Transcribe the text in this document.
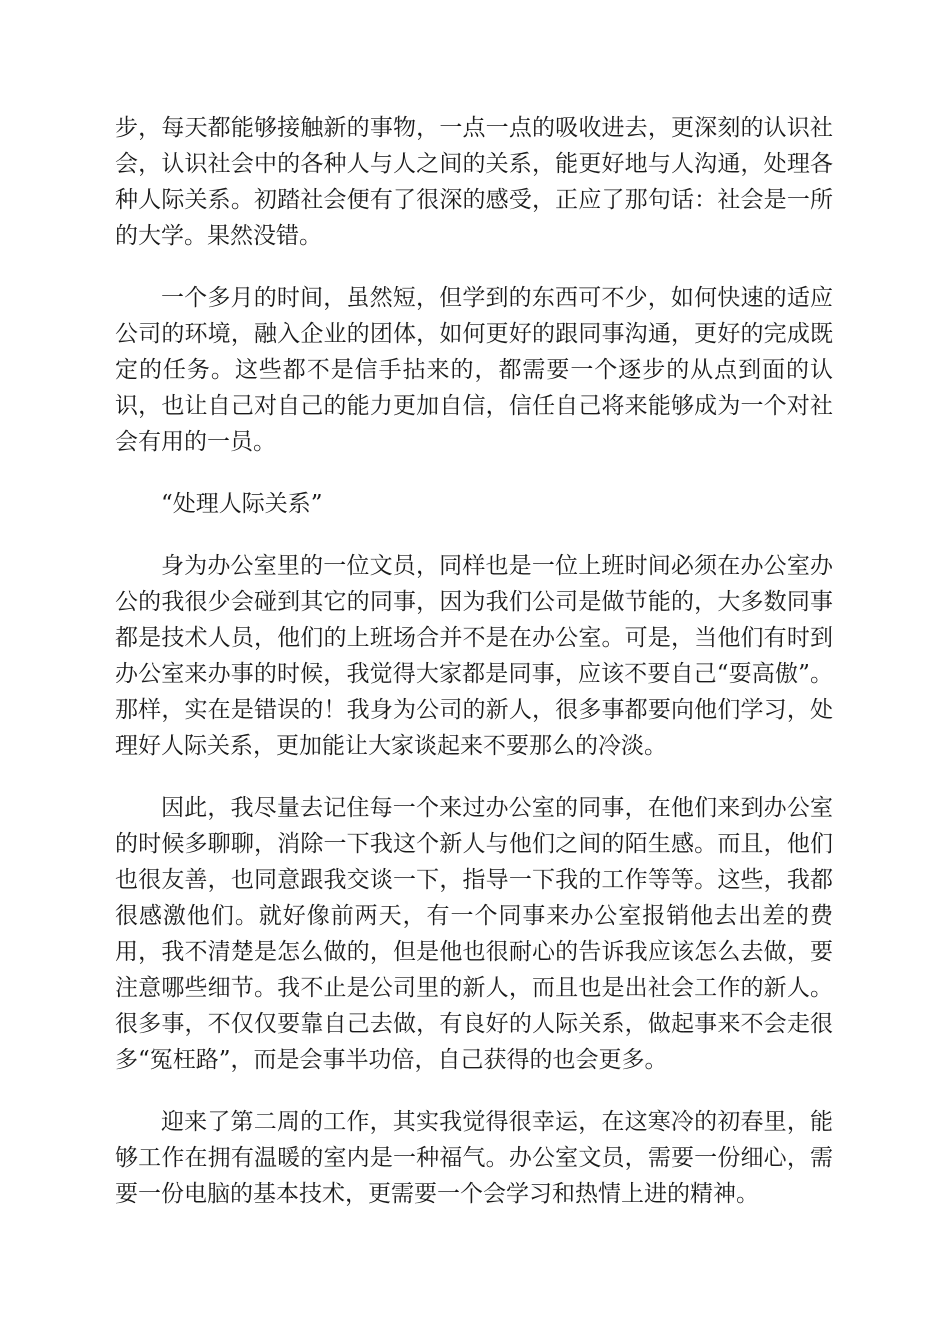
步，每天都能够接触新的事物，一点一点的吸收进去，更深刻的认识社会，认识社会中的各种人与人之间的关系，能更好地与人沟通，处理各种人际关系。初踏社会便有了很深的感受，正应了那句话：社会是一所的大学。果然没错。

一个多月的时间，虽然短，但学到的东西可不少，如何快速的适应公司的环境，融入企业的团体，如何更好的跟同事沟通，更好的完成既定的任务。这些都不是信手拈来的，都需要一个逐步的从点到面的认识，也让自己对自己的能力更加自信，信任自己将来能够成为一个对社会有用的一员。

“处理人际关系”

身为办公室里的一位文员，同样也是一位上班时间必须在办公室办公的我很少会碰到其它的同事，因为我们公司是做节能的，大多数同事都是技术人员，他们的上班场合并不是在办公室。可是，当他们有时到办公室来办事的时候，我觉得大家都是同事，应该不要自己“耍高傲”。那样，实在是错误的！我身为公司的新人，很多事都要向他们学习，处理好人际关系，更加能让大家谈起来不要那么的冷淡。

因此，我尽量去记住每一个来过办公室的同事，在他们来到办公室的时候多聊聊，消除一下我这个新人与他们之间的陌生感。而且，他们也很友善，也同意跟我交谈一下，指导一下我的工作等等。这些，我都很感激他们。就好像前两天，有一个同事来办公室报销他去出差的费用，我不清楚是怎么做的，但是他也很耐心的告诉我应该怎么去做，要注意哪些细节。我不止是公司里的新人，而且也是出社会工作的新人。很多事，不仅仅要靠自己去做，有良好的人际关系，做起事来不会走很多“冤枉路”，而是会事半功倍，自己获得的也会更多。

迎来了第二周的工作，其实我觉得很幸运，在这寒冷的初春里，能够工作在拥有温暖的室内是一种福气。办公室文员，需要一份细心，需要一份电脑的基本技术，更需要一个会学习和热情上进的精神。
